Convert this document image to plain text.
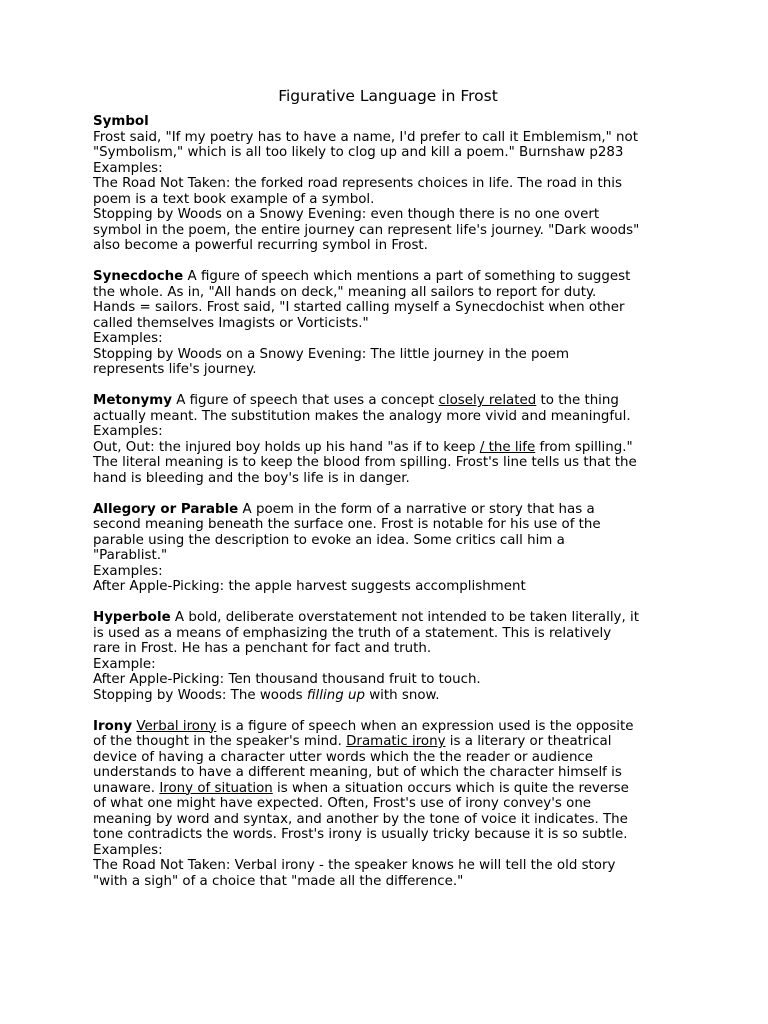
Figurative Language in Frost
Symbol
Frost said, "If my poetry has to have a name, I'd prefer to call it Emblemism," not
"Symbolism," which is all too likely to clog up and kill a poem." Burnshaw p283
Examples:
The Road Not Taken: the forked road represents choices in life. The road in this
poem is a text book example of a symbol.
Stopping by Woods on a Snowy Evening: even though there is no one overt
symbol in the poem, the entire journey can represent life's journey. "Dark woods"
also become a powerful recurring symbol in Frost.
Synecdoche A figure of speech which mentions a part of something to suggest
the whole. As in, "All hands on deck," meaning all sailors to report for duty.
Hands = sailors. Frost said, "I started calling myself a Synecdochist when other
called themselves Imagists or Vorticists."
Examples:
Stopping by Woods on a Snowy Evening: The little journey in the poem
represents life's journey.
Metonymy A figure of speech that uses a concept closely related to the thing
actually meant. The substitution makes the analogy more vivid and meaningful.
Examples:
Out, Out: the injured boy holds up his hand "as if to keep / the life from spilling."
The literal meaning is to keep the blood from spilling. Frost's line tells us that the
hand is bleeding and the boy's life is in danger.
Allegory or Parable A poem in the form of a narrative or story that has a
second meaning beneath the surface one. Frost is notable for his use of the
parable using the description to evoke an idea. Some critics call him a
"Parablist."
Examples:
After Apple-Picking: the apple harvest suggests accomplishment
Hyperbole A bold, deliberate overstatement not intended to be taken literally, it
is used as a means of emphasizing the truth of a statement. This is relatively
rare in Frost. He has a penchant for fact and truth.
Example:
After Apple-Picking: Ten thousand thousand fruit to touch.
Stopping by Woods: The woods filling up with snow.
Irony Verbal irony is a figure of speech when an expression used is the opposite
of the thought in the speaker's mind. Dramatic irony is a literary or theatrical
device of having a character utter words which the the reader or audience
understands to have a different meaning, but of which the character himself is
unaware. Irony of situation is when a situation occurs which is quite the reverse
of what one might have expected. Often, Frost's use of irony convey's one
meaning by word and syntax, and another by the tone of voice it indicates. The
tone contradicts the words. Frost's irony is usually tricky because it is so subtle.
Examples:
The Road Not Taken: Verbal irony - the speaker knows he will tell the old story
"with a sigh" of a choice that "made all the difference."
